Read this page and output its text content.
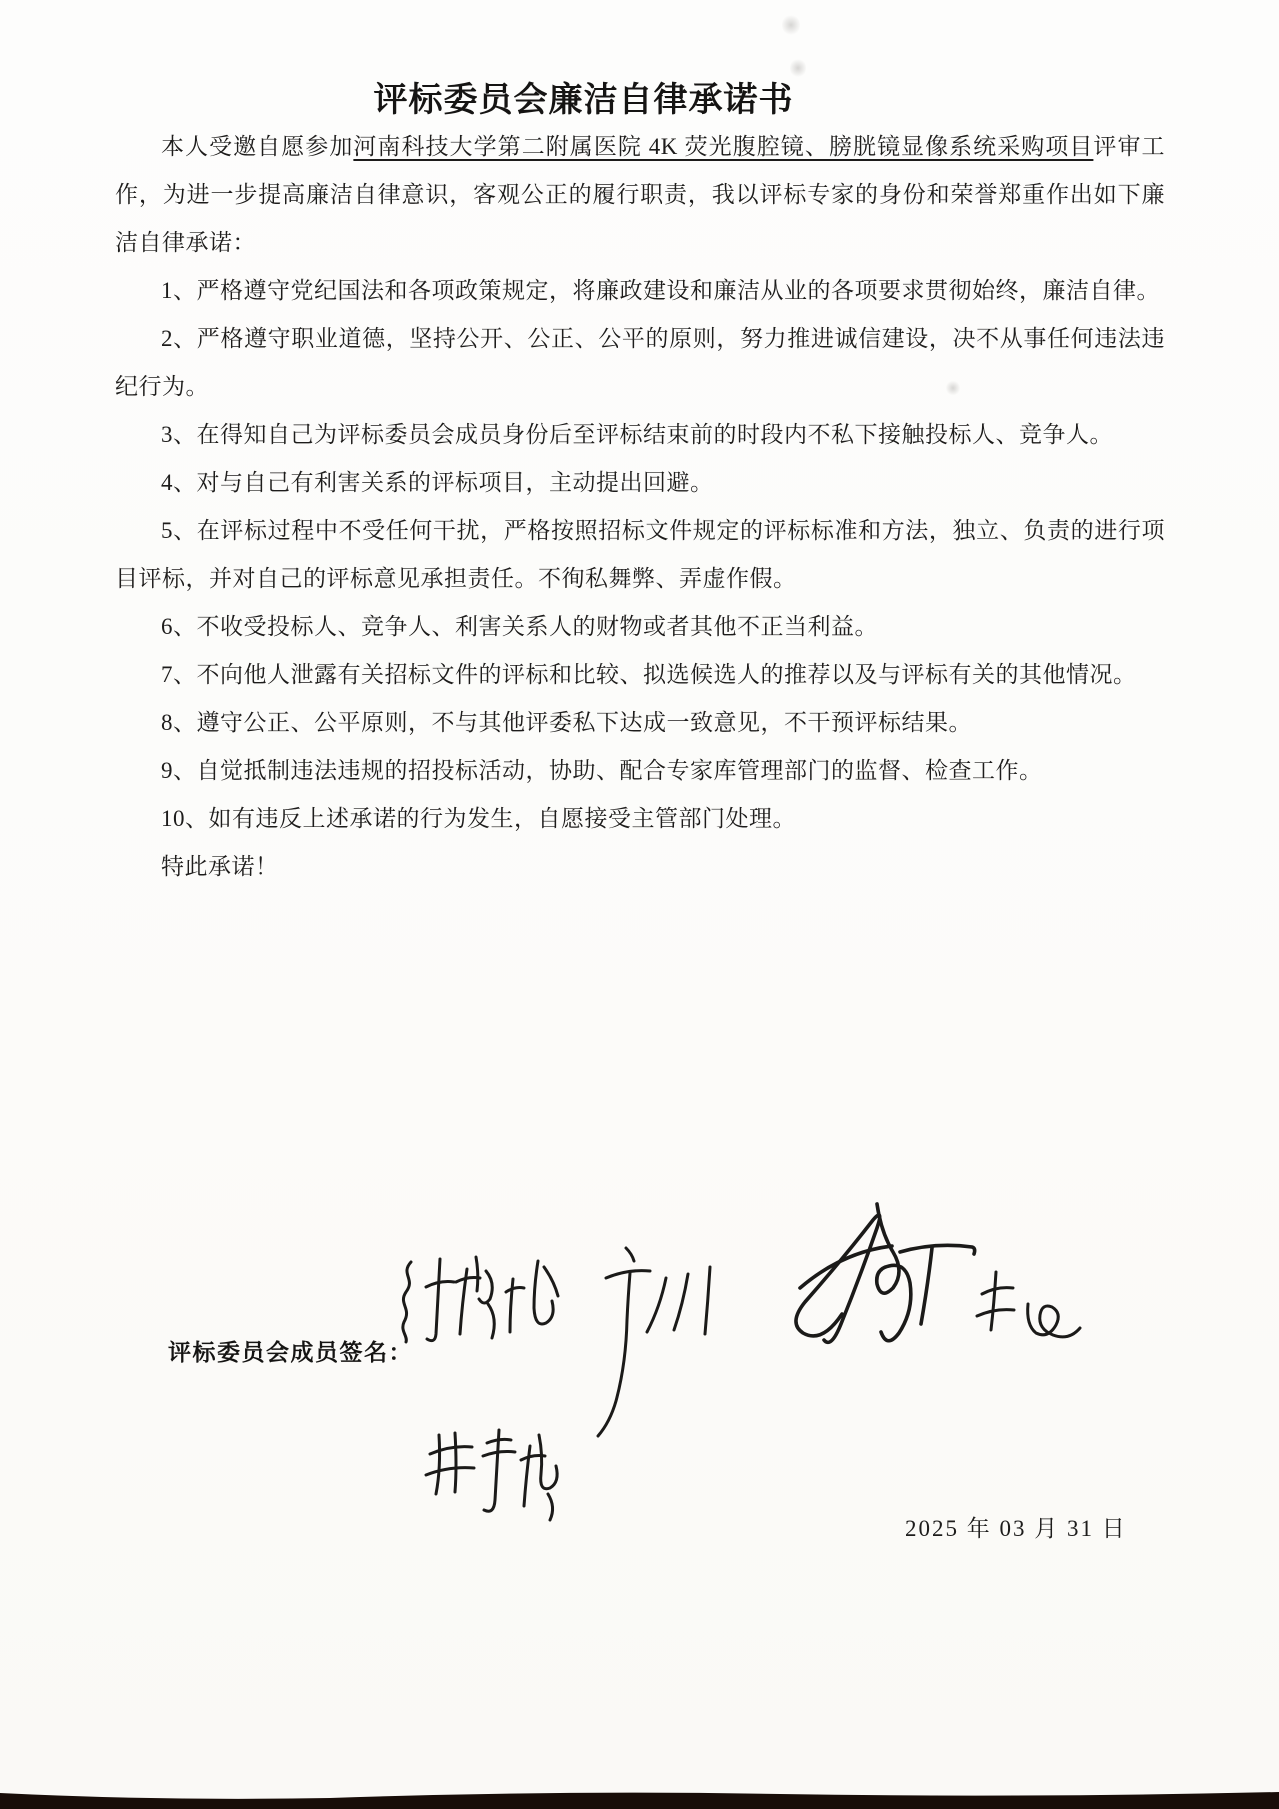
评标委员会廉洁自律承诺书

本人受邀自愿参加河南科技大学第二附属医院 4K 荧光腹腔镜、膀胱镜显像系统采购项目评审工作，为进一步提高廉洁自律意识，客观公正的履行职责，我以评标专家的身份和荣誉郑重作出如下廉洁自律承诺：

1、严格遵守党纪国法和各项政策规定，将廉政建设和廉洁从业的各项要求贯彻始终，廉洁自律。

2、严格遵守职业道德，坚持公开、公正、公平的原则，努力推进诚信建设，决不从事任何违法违纪行为。

3、在得知自己为评标委员会成员身份后至评标结束前的时段内不私下接触投标人、竞争人。

4、对与自己有利害关系的评标项目，主动提出回避。

5、在评标过程中不受任何干扰，严格按照招标文件规定的评标标准和方法，独立、负责的进行项目评标，并对自己的评标意见承担责任。不徇私舞弊、弄虚作假。

6、不收受投标人、竞争人、利害关系人的财物或者其他不正当利益。

7、不向他人泄露有关招标文件的评标和比较、拟选候选人的推荐以及与评标有关的其他情况。

8、遵守公正、公平原则，不与其他评委私下达成一致意见，不干预评标结果。

9、自觉抵制违法违规的招投标活动，协助、配合专家库管理部门的监督、检查工作。

10、如有违反上述承诺的行为发生，自愿接受主管部门处理。

特此承诺！

评标委员会成员签名：
2025 年 03 月 31 日
